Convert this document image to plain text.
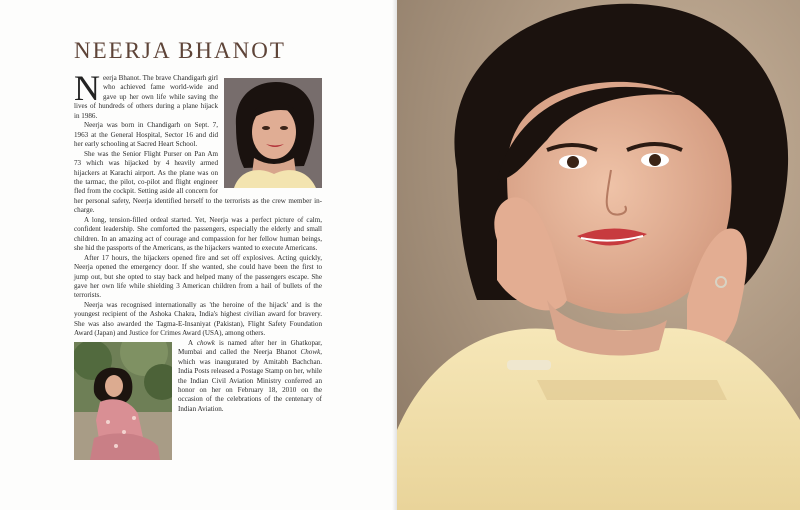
NEERJA BHANOT

Neerja Bhanot. The brave Chandigarh girl who achieved fame world-wide and gave up her own life while saving the lives of hundreds of others during a plane hijack in 1986.

Neerja was born in Chandigarh on Sept. 7, 1963 at the General Hospital, Sector 16 and did her early schooling at Sacred Heart School.

She was the Senior Flight Purser on Pan Am 73 which was hijacked by 4 heavily armed hijackers at Karachi airport. As the plane was on the tarmac, the pilot, co-pilot and flight engineer fled from the cockpit. Setting aside all concern for her personal safety, Neerja identified herself to the terrorists as the crew member in-charge.

A long, tension-filled ordeal started. Yet, Neerja was a perfect picture of calm, confident leadership. She comforted the passengers, especially the elderly and small children. In an amazing act of courage and compassion for her fellow human beings, she hid the passports of the Americans, as the hijackers wanted to execute Americans.

After 17 hours, the hijackers opened fire and set off explosives. Acting quickly, Neerja opened the emergency door. If she wanted, she could have been the first to jump out, but she opted to stay back and helped many of the passengers escape. She gave her own life while shielding 3 American children from a hail of bullets of the terrorists.

Neerja was recognised internationally as 'the heroine of the hijack' and is the youngest recipient of the Ashoka Chakra, India's highest civilian award for bravery. She was also awarded the Tagma-E-Insaniyat (Pakistan), Flight Safety Foundation Award (Japan) and Justice for Crimes Award (USA), among others.

A chowk is named after her in Ghatkopar, Mumbai and called the Neerja Bhanot Chowk, which was inaugurated by Amitabh Bachchan. India Posts released a Postage Stamp on her, while the Indian Civil Aviation Ministry conferred an honor on her on February 18, 2010 on the occasion of the celebrations of the centenary of Indian Aviation.
